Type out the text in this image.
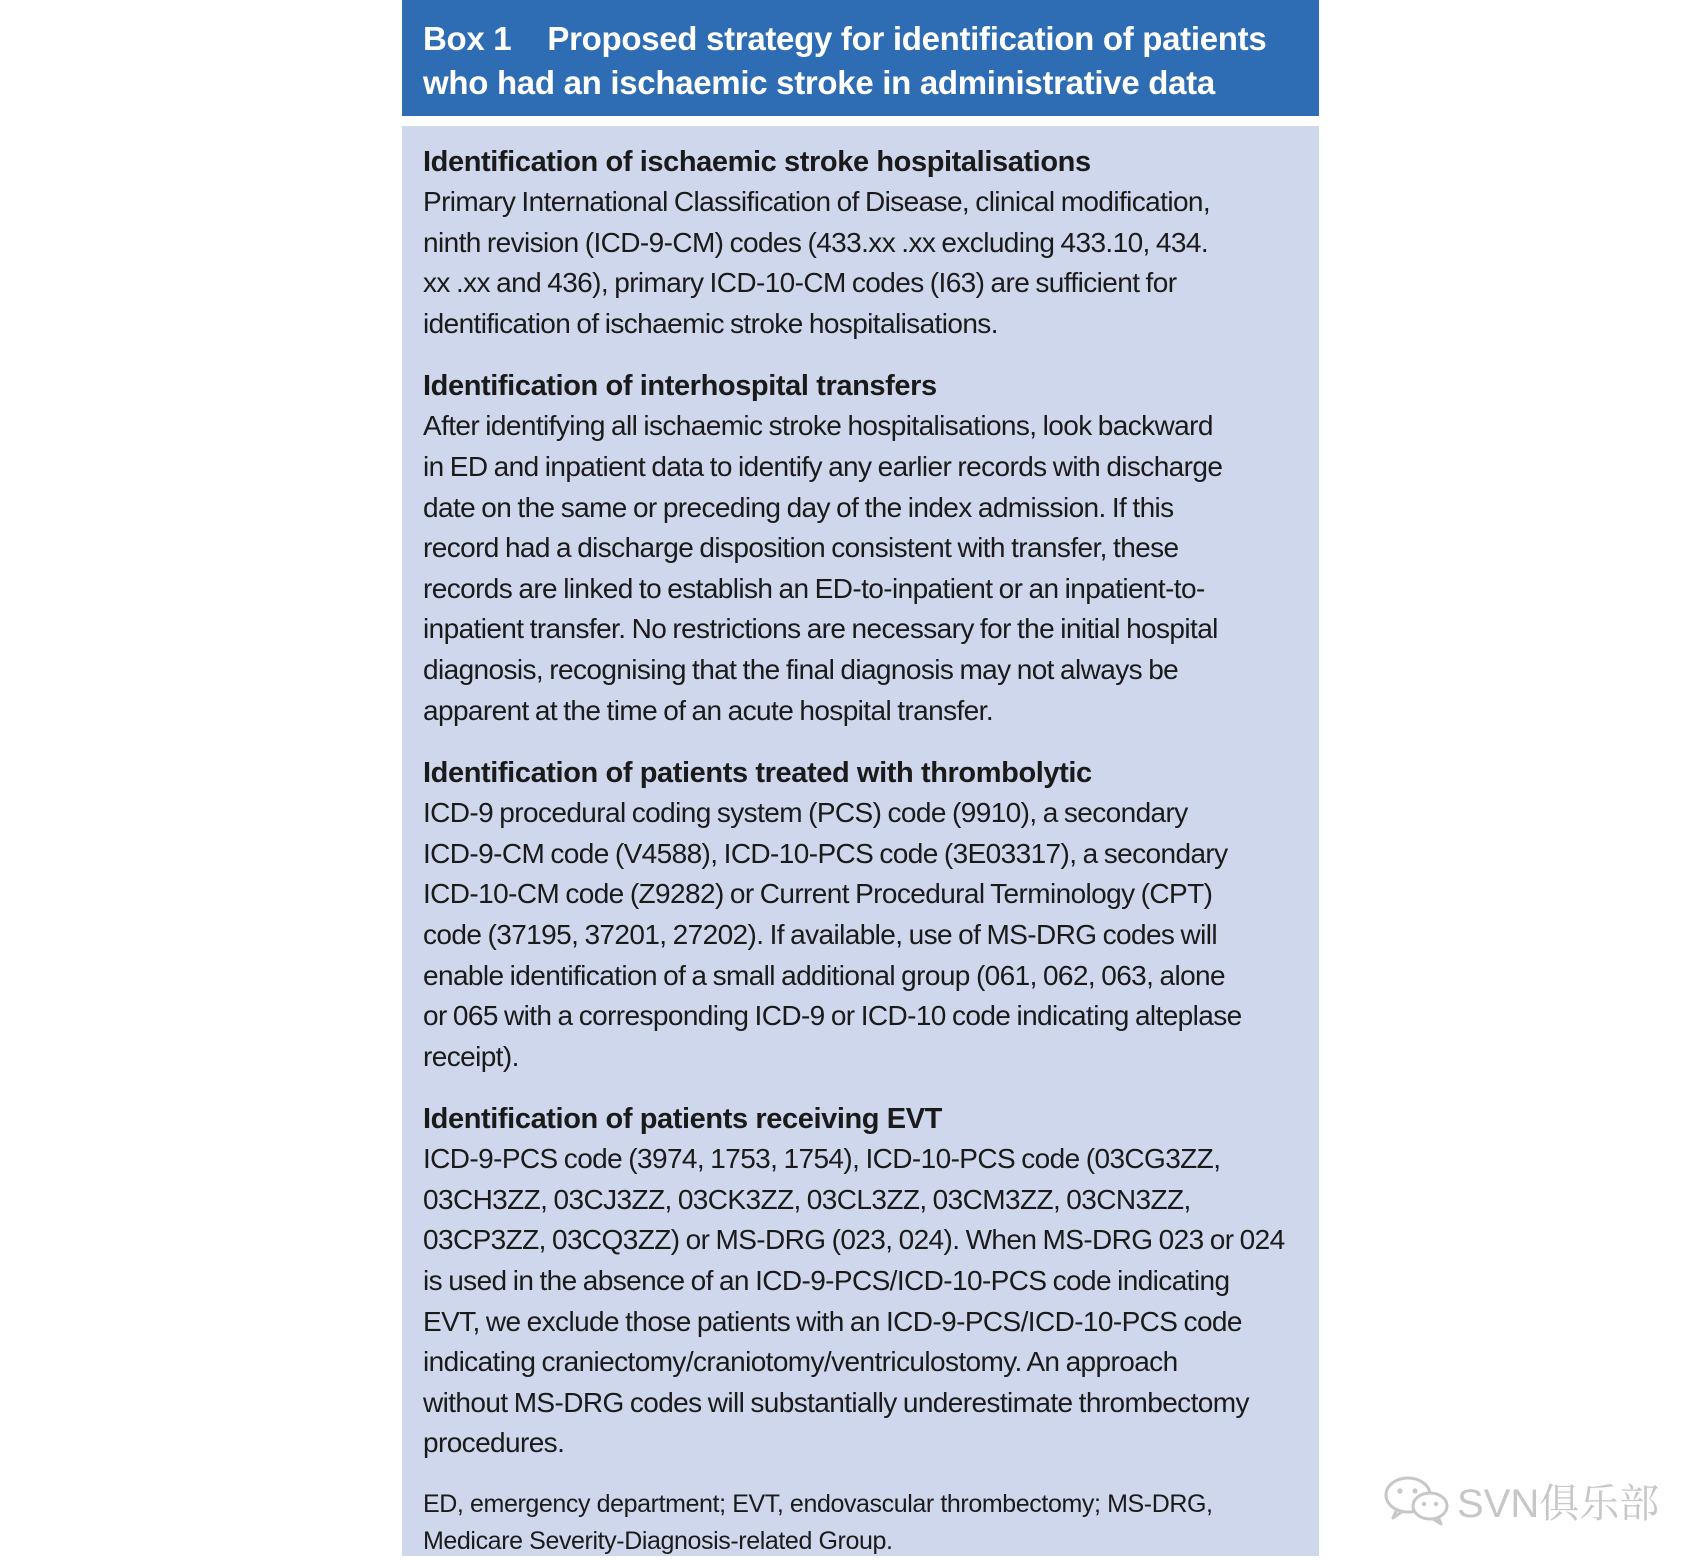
Box 1 Proposed strategy for identification of patients
who had an ischaemic stroke in administrative data
Identification of ischaemic stroke hospitalisations

Primary International Classification of Disease, clinical modification,
ninth revision (ICD-9-CM) codes (433.xx .xx excluding 433.10, 434.
xx .xx and 436), primary ICD-10-CM codes (I63) are sufficient for
identification of ischaemic stroke hospitalisations.

Identification of interhospital transfers

After identifying all ischaemic stroke hospitalisations, look backward
in ED and inpatient data to identify any earlier records with discharge
date on the same or preceding day of the index admission. If this
record had a discharge disposition consistent with transfer, these
records are linked to establish an ED-to-inpatient or an inpatient-to-
inpatient transfer. No restrictions are necessary for the initial hospital
diagnosis, recognising that the final diagnosis may not always be
apparent at the time of an acute hospital transfer.

Identification of patients treated with thrombolytic

ICD-9 procedural coding system (PCS) code (9910), a secondary
ICD-9-CM code (V4588), ICD-10-PCS code (3E03317), a secondary
ICD-10-CM code (Z9282) or Current Procedural Terminology (CPT)
code (37195, 37201, 27202). If available, use of MS-DRG codes will
enable identification of a small additional group (061, 062, 063, alone
or 065 with a corresponding ICD-9 or ICD-10 code indicating alteplase
receipt).

Identification of patients receiving EVT

ICD-9-PCS code (3974, 1753, 1754), ICD-10-PCS code (03CG3ZZ,
03CH3ZZ, 03CJ3ZZ, 03CK3ZZ, 03CL3ZZ, 03CM3ZZ, 03CN3ZZ,
03CP3ZZ, 03CQ3ZZ) or MS-DRG (023, 024). When MS-DRG 023 or 024
is used in the absence of an ICD-9-PCS/ICD-10-PCS code indicating
EVT, we exclude those patients with an ICD-9-PCS/ICD-10-PCS code
indicating craniectomy/craniotomy/ventriculostomy. An approach
without MS-DRG codes will substantially underestimate thrombectomy
procedures.

ED, emergency department; EVT, endovascular thrombectomy; MS-DRG,
Medicare Severity-Diagnosis-related Group.

SVN俱乐部
